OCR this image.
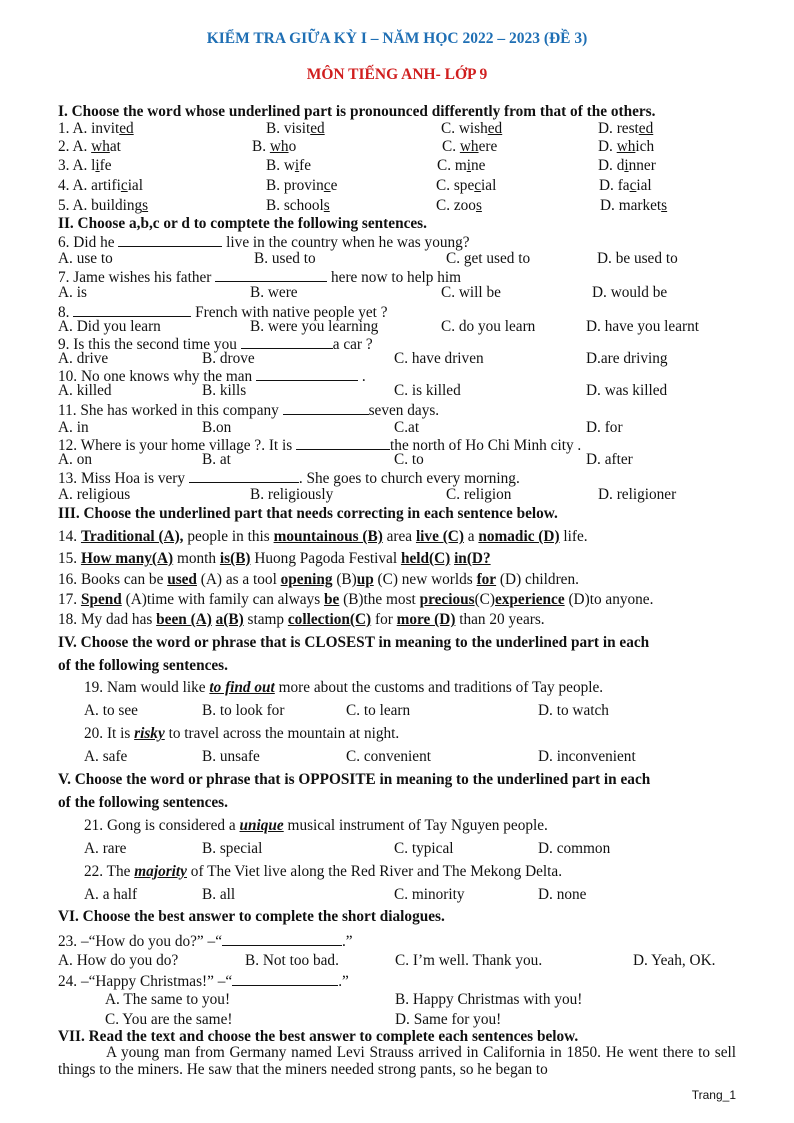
KIỂM TRA GIỮA KỲ I – NĂM HỌC 2022 – 2023 (ĐỀ 3)
MÔN TIẾNG ANH- LỚP 9
I. Choose the word whose underlined part is pronounced differently from that of the others.
1. A. invited	B. visited	C. wished	D. rested
2. A. what	B. who	C. where	D. which
3. A. life	B. wife	C. mine	D. dinner
4. A. artificial	B. province	C. special	D. facial
5. A. buildings	B. schools	C. zoos	D. markets
II. Choose a,b,c or d to comptete the following sentences.
6. Did he	live in the country when he was young?
A. use to	B. used to	C. get used to	D. be used to
7. Jame wishes his father	here now to help him
A. is	B. were	C. will be	D. would be
8.	French with native people yet ?
A. Did you learn	B. were you learning	C. do you learn	D. have you learnt
9. Is this the second time you	a car ?
A. drive	B. drove	C. have driven	D.are driving
10. No one knows why the man	.
A. killed	B. kills	C. is killed	D. was killed
11. She has worked in this company	seven days.
A. in	B.on	C.at	D. for
12. Where is your home village ?. It is	the north of Ho Chi Minh city .
A. on	B. at	C. to	D. after
13. Miss Hoa is very	. She goes to church every morning.
A. religious	B. religiously	C. religion	D. religioner
III. Choose the underlined part that needs correcting in each sentence below.
14. Traditional (A), people in this mountainous (B) area live (C) a nomadic (D) life.
15. How many(A) month is(B) Huong Pagoda Festival held(C) in(D?
16. Books can be used (A) as a tool opening (B)up (C) new worlds for (D) children.
17. Spend (A)time with family can always be (B)the most precious(C)experience (D)to anyone.
18. My dad has been (A) a(B) stamp collection(C) for more (D) than 20 years.
IV. Choose the word or phrase that is CLOSEST in meaning to the underlined part in each
of the following sentences.
19. Nam would like to find out more about the customs and traditions of Tay people.
A. to see	B. to look for	C. to learn	D. to watch
20. It is risky to travel across the mountain at night.
A. safe	B. unsafe	C. convenient	D. inconvenient
V. Choose the word or phrase that is OPPOSITE in meaning to the underlined part in each
of the following sentences.
21. Gong is considered a unique musical instrument of Tay Nguyen people.
A. rare	B. special	C. typical	D. common
22. The majority of The Viet live along the Red River and The Mekong Delta.
A. a half	B. all	C. minority	D. none
VI. Choose the best answer to complete the short dialogues.
23. –“How do you do?” –“	.”
A. How do you do?	B. Not too bad.	C. I’m well. Thank you.	D. Yeah, OK.
24. –“Happy Christmas!” –“	.”
A. The same to you!	B. Happy Christmas with you!
C. You are the same!	D. Same for you!
VII. Read the text and choose the best answer to complete each sentences below.
A young man from Germany named Levi Strauss arrived in California in 1850. He went there to sell things to the miners. He saw that the miners needed strong pants, so he began to
Trang_1
